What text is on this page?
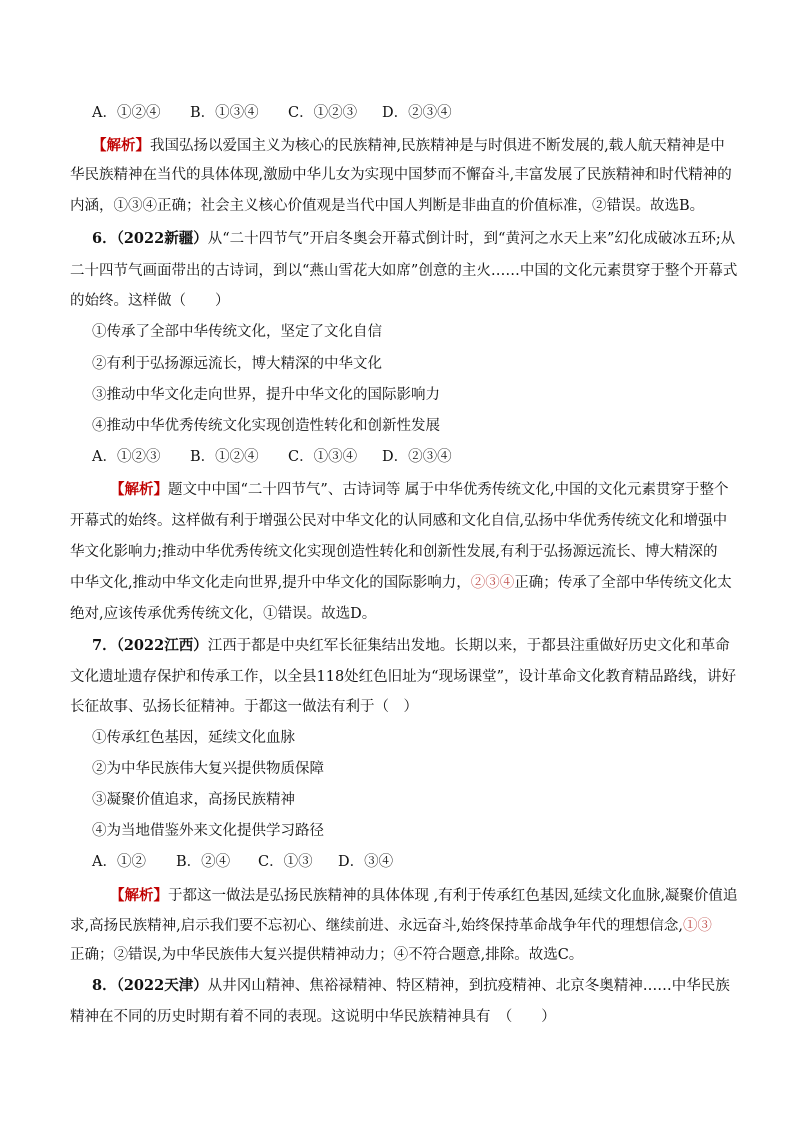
A．①②④ B．①③④ C．①②③ D．②③④
【解析】我国弘扬以爱国主义为核心的民族精神,民族精神是与时俱进不断发展的,载人航天精神是中
华民族精神在当代的具体体现,激励中华儿女为实现中国梦而不懈奋斗,丰富发展了民族精神和时代精神的
内涵，①③④正确；社会主义核心价值观是当代中国人判断是非曲直的价值标准，②错误。故选B。
6．（2022新疆）从“二十四节气”开启冬奥会开幕式倒计时，到“黄河之水天上来”幻化成破冰五环;从
二十四节气画面带出的古诗词，到以“燕山雪花大如席”创意的主火……中国的文化元素贯穿于整个开幕式
的始终。这样做（　　）
①传承了全部中华传统文化，坚定了文化自信
②有利于弘扬源远流长，博大精深的中华文化
③推动中华文化走向世界，提升中华文化的国际影响力
④推动中华优秀传统文化实现创造性转化和创新性发展
A．①②③ B．①②④ C．①③④ D．②③④
【解析】题文中中国“二十四节气”、古诗词等 属于中华优秀传统文化,中国的文化元素贯穿于整个
开幕式的始终。这样做有利于增强公民对中华文化的认同感和文化自信,弘扬中华优秀传统文化和增强中
华文化影响力;推动中华优秀传统文化实现创造性转化和创新性发展,有利于弘扬源远流长、博大精深的
中华文化,推动中华文化走向世界,提升中华文化的国际影响力，②③④正确；传承了全部中华传统文化太
绝对,应该传承优秀传统文化，①错误。故选D。
7．（2022江西）江西于都是中央红军长征集结出发地。长期以来，于都县注重做好历史文化和革命
文化遗址遗存保护和传承工作，以全县118处红色旧址为“现场课堂”，设计革命文化教育精品路线，讲好
长征故事、弘扬长征精神。于都这一做法有利于（　）
①传承红色基因，延续文化血脉
②为中华民族伟大复兴提供物质保障
③凝聚价值追求，高扬民族精神
④为当地借鉴外来文化提供学习路径
A．①② B．②④ C．①③ D．③④
【解析】于都这一做法是弘扬民族精神的具体体现 ,有利于传承红色基因,延续文化血脉,凝聚价值追
求,高扬民族精神,启示我们要不忘初心、继续前进、永远奋斗,始终保持革命战争年代的理想信念,①③
正确；②错误,为中华民族伟大复兴提供精神动力；④不符合题意,排除。故选C。
8．（2022天津）从井冈山精神、焦裕禄精神、特区精神，到抗疫精神、北京冬奥精神……中华民族
精神在不同的历史时期有着不同的表现。这说明中华民族精神具有　（　　）
